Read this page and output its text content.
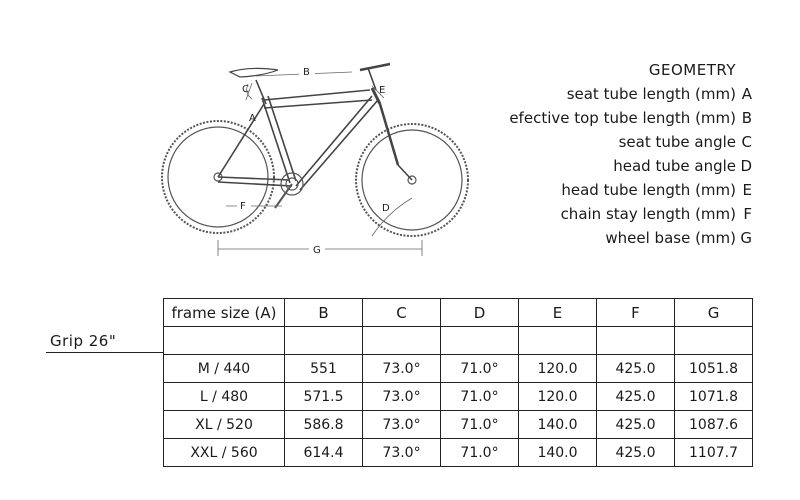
B
G
F
C
A
E
D
GEOMETRY
seat tube length (mm) A
efective top tube length (mm) B
seat tube angle C
head tube angle D
head tube length (mm) E
chain stay length (mm) F
wheel base (mm) G
Grip 26"
frame size (A)	B	C	D	E	F	G

M / 440	551	73.0°	71.0°	120.0	425.0	1051.8
L / 480	571.5	73.0°	71.0°	120.0	425.0	1071.8
XL / 520	586.8	73.0°	71.0°	140.0	425.0	1087.6
XXL / 560	614.4	73.0°	71.0°	140.0	425.0	1107.7
